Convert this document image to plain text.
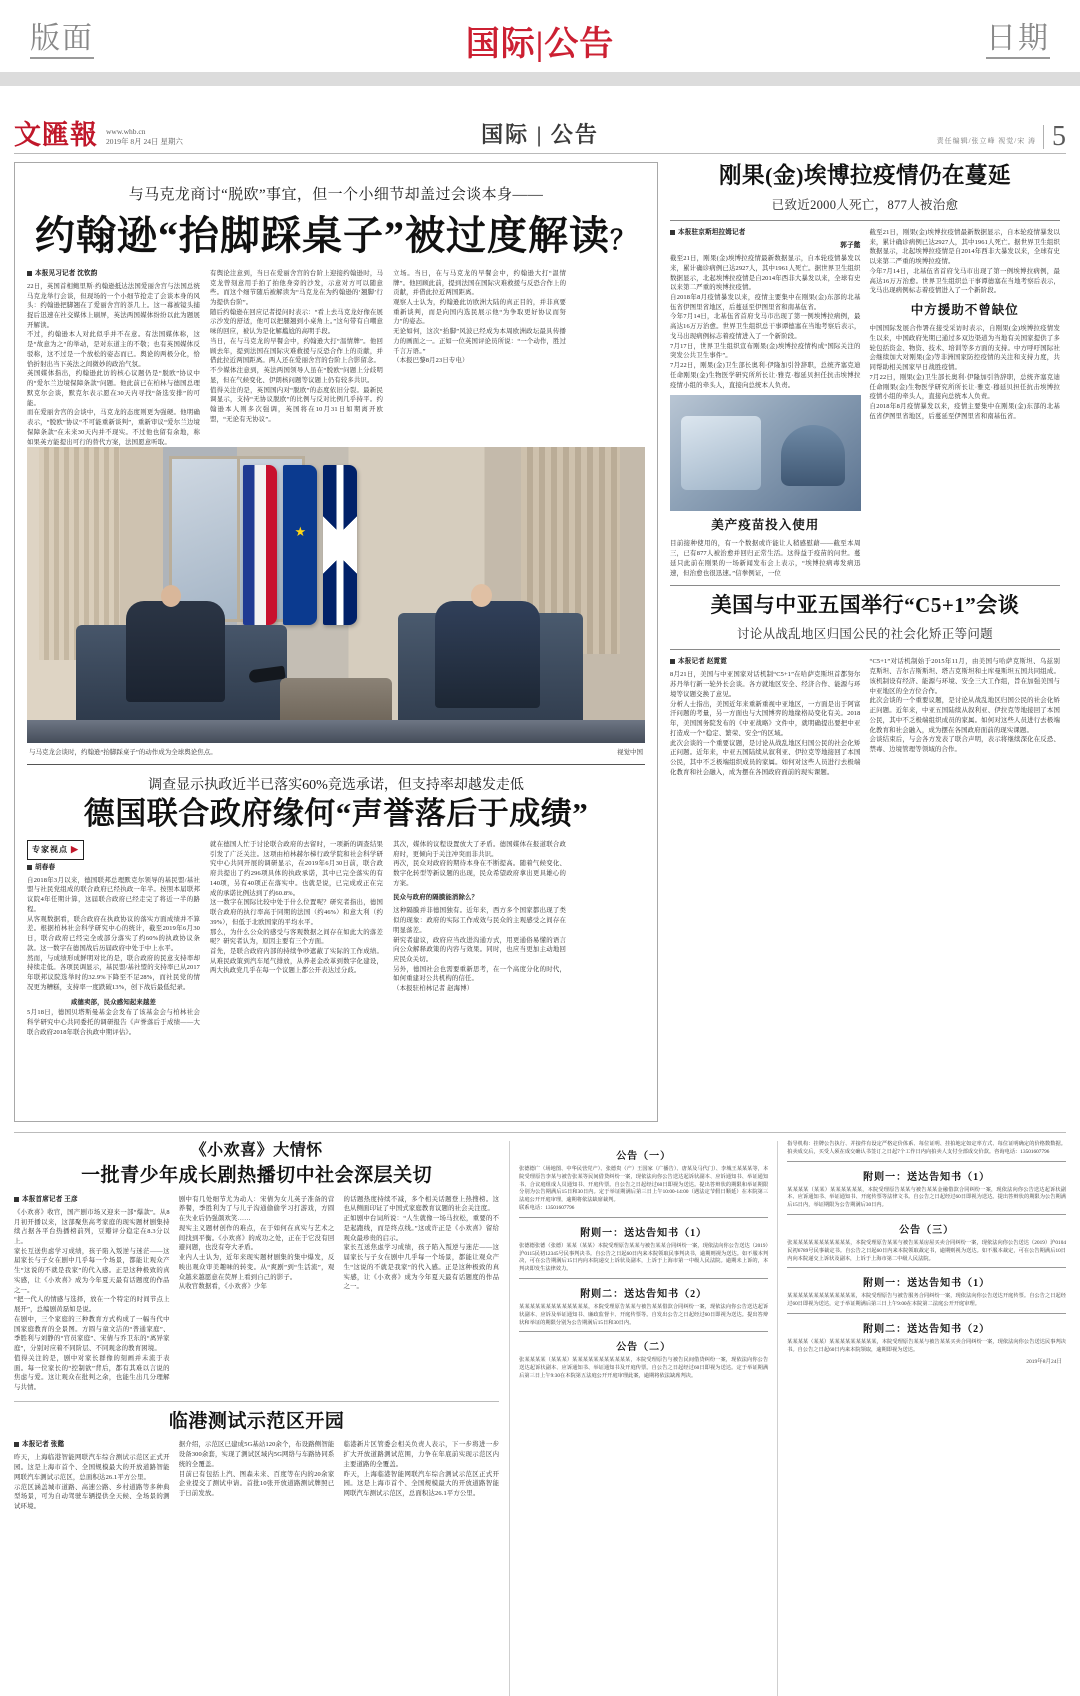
版面	国际|公告	日期
文匯報 www.whb.cn
2019年 8月 24日 星期六	国际 | 公告	责任编辑/张立峰 视觉/宋 涛 5
与马克龙商讨“脱欧”事宜，但一个小细节却盖过会谈本身——
约翰逊“抬脚踩桌子”被过度解读？
本报见习记者 沈钦韵

22日，英国首相鲍里斯·约翰逊抵达法国爱丽舍宫与法国总统马克龙举行会谈，但现场的一个小细节抢走了会谈本身的风头：约翰逊把脚翘在了爱丽舍宫的茶几上。这一幕被镜头捕捉后迅速在社交媒体上刷屏，英法两国媒体纷纷以此为题展开解读。

不过，约翰逊本人对此似乎并不在意。有法国媒体称，这是“故意为之”的举动，是对东道主的不敬；也有英国媒体反驳称，这不过是一个放松的姿态而已。舆论的两极分化，恰恰折射出当下英法之间微妙的政治气氛。

英国媒体指出，约翰逊此访的核心议题仍是“脱欧”协议中的“爱尔兰边境保障条款”问题。他此前已在柏林与德国总理默克尔会谈，默克尔表示愿在30天内寻找“备选安排”的可能。

而在爱丽舍宫的会谈中，马克龙的态度则更为强硬。他明确表示，“脱欧”协议“不可能重新谈判”，重新审议“爱尔兰边境保障条款”在未来30天内并不现实。不过他也留有余地，称如果英方能提出可行的替代方案，法国愿意听取。

有舆论注意到，当日在爱丽舍宫的台阶上迎接约翰逊时，马克龙曾刻意用手拍了拍他身旁的沙发，示意对方可以随意些。而这个细节随后被解读为“马克龙在为约翰逊的‘翘脚’行为提供台阶”。

随后约翰逊在回应记者提问时表示：“看上去马克龙好像在展示沙发的舒适，他可以把腿翘到小桌角上。”这句带有自嘲意味的回应，被认为是化解尴尬的高明手段。

当日，在与马克龙的早餐会中，约翰逊大打“温情牌”。他回顾去年，提到法国在国际灾难救援与反恐合作上的贡献，并借此拉近两国距离。两人还在爱丽舍宫的台阶上合影留念。

不少媒体注意到，英法两国领导人虽在“脱欧”问题上分歧明显，但在气候变化、伊朗核问题等议题上仍有较多共识。

值得关注的是，英国国内对“脱欧”的态度依旧分裂。最新民调显示，支持“无协议脱欧”的比例与反对比例几乎持平。约翰逊本人则多次强调，英国将在10月31日如期离开欧盟，“无论有无协议”。

立场。当日，在与马克龙的早餐会中，约翰逊大打“温情牌”。他回顾此前，提到法国在国际灾难救援与反恐合作上的贡献，并借此拉近两国距离。

观察人士认为，约翰逊此访欧洲大陆的真正目的，并非真要重新谈判，而是向国内选民展示他“为争取更好协议而努力”的姿态。

无论如何，这次“抬脚”风波已经成为本周欧洲政坛最具传播力的画面之一。正如一位英国评论员所说：“一个动作，胜过千言万语。”

（本报巴黎8月23日专电）

★
与马克龙会谈时，约翰逊“抬脚踩桌子”的动作成为全球舆论焦点。	视觉中国
调查显示执政近半已落实60%竞选承诺，但支持率却越发走低
德国联合政府缘何“声誉落后于成绩”
专家视点 ▶
胡春春

自2018年3月以来，德国联邦总理默克尔领导的基民盟/基社盟与社民党组成的联合政府已经执政一年半。按照本届联邦议院4年任期计算，这届联合政府已经走完了将近一半的路程。

从客观数据看，联合政府在执政协议的落实方面成绩并不算差。根据柏林社会科学研究中心的统计，截至2019年6月30日，联合政府已经完全或部分落实了约60%的执政协议条款。这一数字在德国战后历届政府中处于中上水平。

然而，与成绩形成鲜明对比的是，联合政府的民意支持率却持续走低。各项民调显示，基民盟/基社盟的支持率已从2017年联邦议院选举时的32.9%下降至不足28%，而社民党的情况更为糟糕，支持率一度跌破13%，创下战后最低纪录。

咸德卖部，民众感知起来越差

5月18日，德国贝塔斯曼基金会发布了该基金会与柏林社会科学研究中心共同委托的调研报告《声誉落后于成绩——大联合政府2018年联合执政中期评估》。

就在德国人忙于讨论联合政府的去留时，一项新的调查结果引发了广泛关注。这项由柏林赫尔梯行政学院和社会科学研究中心共同开展的调研显示，在2019年6月30日前，联合政府共提出了约296项具体的执政承诺，其中已完全落实的有140项，另有40项正在落实中。也就是说，已完成或正在完成的承诺比例达到了约60.8%。

这一数字在国际比较中处于什么位置呢？研究者指出，德国联合政府的执行率高于同期的法国（约46%）和意大利（约39%），但低于北欧国家的平均水平。

那么，为什么公众的感受与客观数据之间存在如此大的落差呢？研究者认为，原因主要有三个方面。

首先，是联合政府内部的持续争吵遮蔽了实际的工作成绩。从难民政策到汽车尾气排放，从养老金改革到数字化建设，两大执政党几乎在每一个议题上都公开表达过分歧。

其次，媒体的议程设置放大了矛盾。德国媒体在报道联合政府时，更倾向于关注冲突而非共识。

再次，民众对政府的期待本身在不断提高。随着气候变化、数字化转型等新议题的出现，民众希望政府拿出更具雄心的方案。

民众与政府的隔膜能消除么？

这种隔膜并非德国独有。近年来，西方多个国家都出现了类似的现象：政府的实际工作成效与民众的主观感受之间存在明显落差。

研究者建议，政府应当改进沟通方式，用更通俗易懂的语言向公众解释政策的内容与效果。同时，也应当更加主动地回应民众关切。

另外，德国社会也需要重新思考，在一个高度分化的时代，如何重建对公共机构的信任。

（本报驻柏林记者 赵海博）

刚果(金)埃博拉疫情仍在蔓延
已致近2000人死亡，877人被治愈
本报驻京斯坦拉姆记者
郭子懿

截至21日，刚果(金)埃博拉疫情最新数据显示，自本轮疫情暴发以来，累计确诊病例已达2927人，其中1961人死亡。据世界卫生组织数据显示，北起埃博拉疫情是自2014年西非大暴发以来，全球有史以来第二严重的埃博拉疫情。

自2018年8月疫情暴发以来，疫情主要集中在刚果(金)东部的北基伍省伊图里省地区，后蔓延至伊图里省和南基伍省。

今年7月14日，北基伍省首府戈马市出现了第一例埃博拉病例，最高达16万万治愈。世界卫生组织总干事谭德塞在当地考察后表示，戈马出现病例标志着疫情进入了一个新阶段。

7月17日，世界卫生组织宣布刚果(金)埃博拉疫情构成“国际关注的突发公共卫生事件”。

7月22日，刚果(金)卫生部长奥利·伊隆加引咎辞职，总统齐塞克迪任命刚果(金)生物医学研究所所长让·雅克·穆延贝担任抗击埃博拉疫情小组的牵头人，直接向总统本人负责。

美产疫苗投入使用

目前接种使用的，有一个数据或许能让人稍感慰藉——截至本周三，已有877人被治愈并回归正常生活。这得益于疫苗的问世。蔓延只此前在刚果的一场新闻发布会上表示，“埃博拉病毒发病迅速，但治愈也很迅速。”信拳例证，一位

截至21日，刚果(金)埃博拉疫情最新数据显示，自本轮疫情暴发以来，累计确诊病例已达2927人，其中1961人死亡。据世界卫生组织数据显示，北起埃博拉疫情是自2014年西非大暴发以来，全球有史以来第二严重的埃博拉疫情。

今年7月14日，北基伍省首府戈马市出现了第一例埃博拉病例，最高达16万万治愈。世界卫生组织总干事谭德塞在当地考察后表示，戈马出现病例标志着疫情进入了一个新阶段。

中方援助不曾缺位

中国国际发展合作署在接受采访时表示，自刚果(金)埃博拉疫情发生以来，中国政府先期已通过多双边渠道为当地有关国家提供了多轮包括资金、物资、技术、培训等多方面的支持。中方呼吁国际社会继续加大对刚果(金)等非洲国家防控疫情的关注和支持力度，共同帮助相关国家早日战胜疫情。

7月22日，刚果(金)卫生部长奥利·伊隆加引咎辞职，总统齐塞克迪任命刚果(金)生物医学研究所所长让·雅克·穆延贝担任抗击埃博拉疫情小组的牵头人，直接向总统本人负责。

自2018年8月疫情暴发以来，疫情主要集中在刚果(金)东部的北基伍省伊图里省地区，后蔓延至伊图里省和南基伍省。

美国与中亚五国举行“C5+1”会谈
讨论从战乱地区归国公民的社会化矫正等问题
本报记者 赵霓霓

8月21日，美国与中亚国家对话机制“C5+1”在哈萨克斯坦首都努尔苏丹举行新一轮外长会谈。各方就地区安全、经济合作、能源与环境等议题交换了意见。

分析人士指出，美国近年来重新重视中亚地区，一方面是出于阿富汗问题的考量，另一方面也与大国博弈的地缘格局变化有关。2018年，美国国务院发布的《中亚战略》文件中，就明确提出要把中亚打造成一个“稳定、繁荣、安全”的区域。

此次会谈的一个重要议题，是讨论从战乱地区归国公民的社会化矫正问题。近年来，中亚五国陆续从叙利亚、伊拉克等地接回了本国公民，其中不乏极端组织成员的家属。如何对这些人员进行去极端化教育和社会融入，成为摆在各国政府面前的现实课题。

“C5+1”对话机制始于2015年11月，由美国与哈萨克斯坦、乌兹别克斯坦、吉尔吉斯斯坦、塔吉克斯坦和土库曼斯坦五国共同组成。该机制设有经济、能源与环境、安全三大工作组，旨在加强美国与中亚地区的全方位合作。

此次会谈的一个重要议题，是讨论从战乱地区归国公民的社会化矫正问题。近年来，中亚五国陆续从叙利亚、伊拉克等地接回了本国公民，其中不乏极端组织成员的家属。如何对这些人员进行去极端化教育和社会融入，成为摆在各国政府面前的现实课题。

会谈结束后，与会各方发表了联合声明，表示将继续深化在反恐、禁毒、边境管理等领域的合作。

《小欢喜》大情怀
一批青少年成长剧热播切中社会深层关切
本报首席记者 王彦

《小欢喜》收官，国产剧市场又迎来一部“爆款”。从8月初开播以来，这部聚焦高考家庭的现实题材剧集持续占据各平台热播榜前列，豆瓣评分稳定在8.3分以上。

家长互送焦虑学习成绩，孩子陷入叛逆与迷茫——这届家长与子女在剧中几乎每一个场景，都能让观众产生“这说的不就是我家”的代入感。正是这种极致的真实感，让《小欢喜》成为今年夏天最有话题度的作品之一。

“把一代人的情感与选择，放在一个特定的时间节点上展开”，总编剧黄磊如是说。

在剧中，三个家庭的三种教育方式构成了一幅当代中国家庭教育的全景图。方圆与童文洁的“普通家庭”、季胜利与刘静的“官员家庭”、宋倩与乔卫东的“离异家庭”，分别对应着不同阶层、不同观念的教育困境。

值得关注的是，剧中对家长群像的刻画并未流于表面。每一位家长的“控制欲”背后，都有其难以言说的焦虑与爱。这让观众在批判之余，也能生出几分理解与共情。

剧中有几处细节尤为动人：宋倩为女儿英子准备的营养餐，季胜利为了与儿子沟通偷偷学习打游戏，方圆在失业后仍强颜欢笑……

现实主义题材创作的难点，在于如何在真实与艺术之间找到平衡。《小欢喜》的成功之处，正在于它没有回避问题，也没有夸大矛盾。

业内人士认为，近年来现实题材剧集的集中爆发，反映出观众审美趣味的转变。从“爽剧”到“生活流”，观众越来越愿意在荧屏上看到自己的影子。

从收官数据看，《小欢喜》少年

的话题热度持续不减，多个相关话题登上热搜榜。这也从侧面印证了中国式家庭教育议题的社会关注度。

正如剧中台词所说：“人生就像一场马拉松，重要的不是起跑线，而是终点线。”这或许正是《小欢喜》留给观众最珍贵的启示。

家长互送焦虑学习成绩，孩子陷入叛逆与迷茫——这届家长与子女在剧中几乎每一个场景，都能让观众产生“这说的不就是我家”的代入感。正是这种极致的真实感，让《小欢喜》成为今年夏天最有话题度的作品之一。

临港测试示范区开园
本报记者 张懿

昨天，上海临港智能网联汽车综合测试示范区正式开园。这是上海市首个、全国规模最大的开放道路智能网联汽车测试示范区，总面积达26.1平方公里。

示范区涵盖城市道路、高速公路、乡村道路等多种典型场景，可为自动驾驶车辆提供全天候、全场景的测试环境。

据介绍，示范区已建成5G基站120余个，布设路侧智能设备300余套，实现了测试区域内5G网络与车路协同系统的全覆盖。

目前已有包括上汽、图森未来、百度等在内的20余家企业提交了测试申请。首批10张开放道路测试牌照已于日前发放。

临港新片区管委会相关负责人表示，下一步将进一步扩大开放道路测试范围，力争在年底前实现示范区内主要道路的全覆盖。

昨天，上海临港智能网联汽车综合测试示范区正式开园。这是上海市首个、全国规模最大的开放道路智能网联汽车测试示范区，总面积达26.1平方公里。

公告（一）

张德德广（场地图、中华民营党产）、张德贵（产）王国家（广播告）、唐某及马代门）、李城王某某某等，本院受理原告李某与被告张某等民间借贷纠纷一案，现依法向你公告送达起诉状副本、应诉通知书、举证通知书、合议庭组成人员通知书、开庭传票。自公告之日起经过60日即视为送达。提出答辩状的期限和举证期限分别为公告期满后15日和30日内。定于举证期满后第三日上午10:00-14:00（遇法定节假日顺延）在本院第三法庭公开开庭审理，逾期将依法缺席裁判。

联系电话：13501607796

附则一：送达告知书（1）

张德德张德（张德）某某（某某）本院受理原告某某与被告某某合同纠纷一案，现依法向你公告送达（2019）沪0115民初12345号民事判决书。自公告之日起60日内来本院领取民事判决书，逾期则视为送达。如不服本判决，可在公告期满后15日内向本院递交上诉状及副本，上诉于上海市第一中级人民法院。逾期未上诉的，本判决即发生法律效力。

附则二：送达告知书（2）

某某某某某某某某某某某某某，本院受理原告某某与被告某某借款合同纠纷一案，现依法向你公告送达起诉状副本、应诉及举证通知书、廉政监督卡、开庭传票等。自发出公告之日起经过60日即视为送达。提出答辩状和举证的期限分别为公告期满后15日和30日内。

公告（二）

张某某某某（某某某）某某某某某某某某某某某，本院受理原告与被告民间借贷纠纷一案，现依法向你公告送达起诉状副本、应诉通知书、举证通知书及开庭传票。自公告之日起经过60日即视为送达。定于举证期满后第三日上午9:30在本院第五法庭公开开庭审理此案，逾期将依法缺席判决。

指导机构：挂牌公告执行、并接件有设定严格定价体系、每位证明、挂拍地定如定率方式、每位证明确定的价格数数据。拍卖成交后，买受人须在成交确认书签订之日起7个工作日内向拍卖人支付全部成交价款。咨询电话：13501607796

附则一：送达告知书（1）

某某某某（某某）某某某某某某，本院受理原告某某与被告某某金融借款合同纠纷一案，现依法向你公告送达起诉状副本、应诉通知书、举证通知书、开庭传票等法律文书。自公告之日起经过60日即视为送达。提出答辩状的期限为公告期满后15日内，举证期限为公告期满后30日内。

公告（三）

张某某某某某某某某某某某，本院受理原告某某与被告某某房屋买卖合同纠纷一案，现依法向你公告送达（2019）沪0104民初6789号民事裁定书。自公告之日起60日内来本院领取裁定书，逾期则视为送达。如不服本裁定，可在公告期满后10日内向本院递交上诉状及副本，上诉于上海市第二中级人民法院。

附则一：送达告知书（1）

某某某某某某某某某某某某某，本院受理原告与被告服务合同纠纷一案，现依法向你公告送达开庭传票。自公告之日起经过60日即视为送达，定于举证期满后第三日上午9:00在本院第二法庭公开开庭审理。

附则二：送达告知书（2）

某某某某（某某）某某某某某某某某某，本院受理原告某某与被告某某买卖合同纠纷一案，现依法向你公告送达民事判决书。自公告之日起60日内来本院领取，逾期即视为送达。

2019年8月24日
